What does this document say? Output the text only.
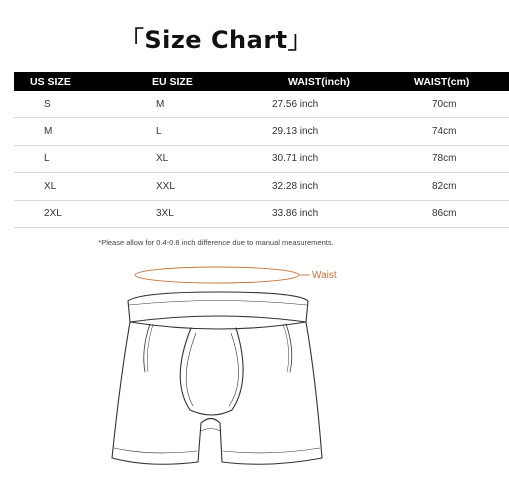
「Size Chart」
US SIZE	EU SIZE	WAIST(inch)	WAIST(cm)
S	M	27.56 inch	70cm
M	L	29.13 inch	74cm
L	XL	30.71 inch	78cm
XL	XXL	32.28 inch	82cm
2XL	3XL	33.86 inch	86cm
*Please allow for 0.4-0.8 inch difference due to manual measurements.
Waist
